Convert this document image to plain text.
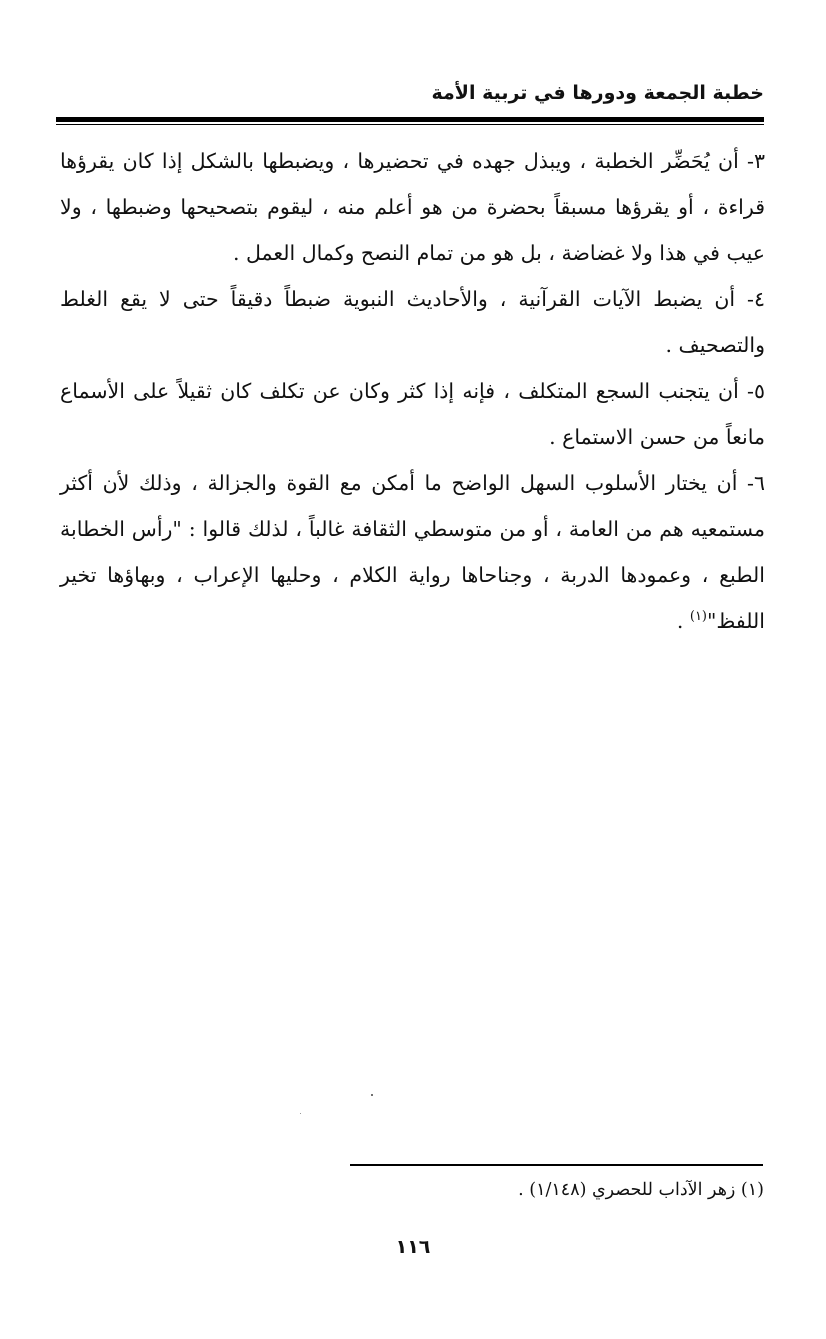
خطبة الجمعة ودورها في تربية الأمة

٣- أن يُحَضِّر الخطبة ، ويبذل جهده في تحضيرها ، ويضبطها بالشكل إذا كان يقرؤها قراءة ، أو يقرؤها مسبقاً بحضرة من هو أعلم منه ، ليقوم بتصحيحها وضبطها ، ولا عيب في هذا ولا غضاضة ، بل هو من تمام النصح وكمال العمل .

٤- أن يضبط الآيات القرآنية ، والأحاديث النبوية ضبطاً دقيقاً حتى لا يقع الغلط والتصحيف .

٥- أن يتجنب السجع المتكلف ، فإنه إذا كثر وكان عن تكلف كان ثقيلاً على الأسماع مانعاً من حسن الاستماع .

٦- أن يختار الأسلوب السهل الواضح ما أمكن مع القوة والجزالة ، وذلك لأن أكثر مستمعيه هم من العامة ، أو من متوسطي الثقافة غالباً ، لذلك قالوا : "رأس الخطابة الطبع ، وعمودها الدربة ، وجناحاها رواية الكلام ، وحليها الإعراب ، وبهاؤها تخير اللفظ"$^{(١)}$ .

(١) زهر الآداب للحصري (١/١٤٨) .
١١٦
